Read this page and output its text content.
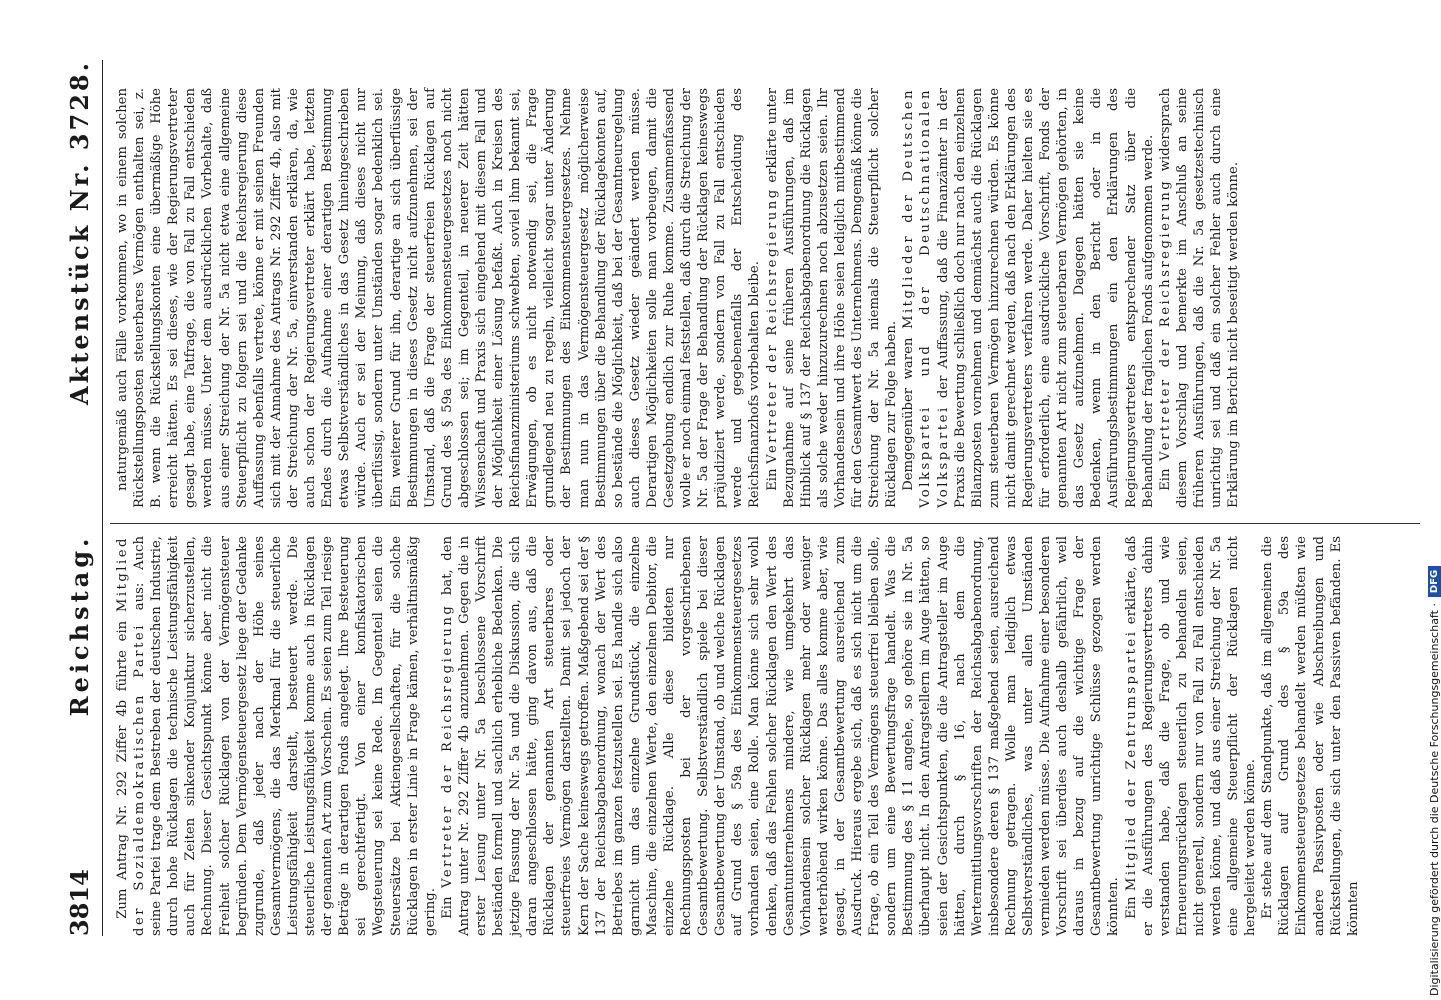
3814
Reichstag.
Aktenstück Nr. 3728.

Zum Antrag Nr. 292 Ziffer 4b führte ein Mitglied der Sozialdemokratischen Partei aus: Auch seine Partei trage dem Bestreben der deutschen Industrie, durch hohe Rücklagen die technische Leistungsfähigkeit auch für Zeiten sinkender Konjunktur sicherzustellen, Rechnung. Dieser Gesichtspunkt könne aber nicht die Freiheit solcher Rücklagen von der Vermögensteuer begründen. Dem Vermögensteuergesetz liege der Gedanke zugrunde, daß jeder nach der Höhe seines Gesamtvermögens, die das Merkmal für die steuerliche Leistungsfähigkeit darstellt, besteuert werde. Die steuerliche Leistungsfähigkeit komme auch in Rücklagen der genannten Art zum Vorschein. Es seien zum Teil riesige Beträge in derartigen Fonds angelegt. Ihre Besteuerung sei gerechtfertigt. Von einer konfiskatorischen Wegsteuerung sei keine Rede. Im Gegenteil seien die Steuersätze bei Aktiengesellschaften, für die solche Rücklagen in erster Linie in Frage kämen, verhältnismäßig gering. Ein Vertreter der Reichsregierung bat, den Antrag unter Nr. 292 Ziffer 4b anzunehmen. Gegen die in erster Lesung unter Nr. 5a beschlossene Vorschrift beständen formell und sachlich erhebliche Bedenken. Die jetzige Fassung der Nr. 5a und die Diskussion, die sich daran angeschlossen hätte, ging davon aus, daß die Rücklagen der genannten Art steuerbares oder steuerfreies Vermögen darstellten. Damit sei jedoch der Kern der Sache keineswegs getroffen. Maßgebend sei der § 137 der Reichsabgabenordnung, wonach der Wert des Betriebes im ganzen festzustellen sei. Es handle sich also garnicht um das einzelne Grundstück, die einzelne Maschine, die einzelnen Werte, den einzelnen Debitor, die einzelne Rücklage. Alle diese bildeten nur Rechnungsposten bei der vorgeschriebenen Gesamtbewertung. Selbstverständlich spiele bei dieser Gesamtbewertung der Umstand, ob und welche Rücklagen auf Grund des § 59a des Einkommensteuergesetzes vorhanden seien, eine Rolle. Man könne sich sehr wohl denken, daß das Fehlen solcher Rücklagen den Wert des Gesamtunternehmens mindere, wie umgekehrt das Vorhandensein solcher Rücklagen mehr oder weniger werterhöhend wirken könne. Das alles komme aber, wie gesagt, in der Gesamtbewertung ausreichend zum Ausdruck. Hieraus ergebe sich, daß es sich nicht um die Frage, ob ein Teil des Vermögens steuerfrei bleiben solle, sondern um eine Bewertungsfrage handelt. Was die Bestimmung des § 11 angehe, so gehöre sie in Nr. 5a überhaupt nicht. In den Antragstellern im Auge hätten, so seien der Gesichtspunkten, die die Antragsteller im Auge hätten, durch § 16, nach dem die Wertermittlungsvorschriften der Reichsabgabenordnung, insbesondere deren § 137 maßgebend seien, ausreichend Rechnung getragen. Wolle man lediglich etwas Selbstverständliches, was unter allen Umständen vermieden werden müsse. Die Aufnahme einer besonderen Vorschrift sei überdies auch deshalb gefährlich, weil daraus in bezug auf die wichtige Frage der Gesamtbewertung unrichtige Schlüsse gezogen werden könnten. Ein Mitglied der Zentrumspartei erklärte, daß er die Ausführungen des Regierungsvertreters dahin verstanden habe, daß die Frage, ob und wie Erneuerungsrücklagen steuerlich zu behandeln seien, nicht generell, sondern nur von Fall zu Fall entschieden werden könne, und daß aus einer Streichung der Nr. 5a eine allgemeine Steuerpflicht der Rücklagen nicht hergeleitet werden könne. Er stehe auf dem Standpunkte, daß im allgemeinen die Rücklagen auf Grund des § 59a des Einkommensteuergesetzes behandelt werden müßten wie andere Passivposten oder wie Abschreibungen und Rückstellungen, die sich unter den Passiven befänden. Es könnten

naturgemäß auch Fälle vorkommen, wo in einem solchen Rückstellungsposten steuerbares Vermögen enthalten sei, z. B. wenn die Rückstellungskonten eine übermäßige Höhe erreicht hätten. Es sei dieses, wie der Regierungsvertreter gesagt habe, eine Tatfrage, die von Fall zu Fall entschieden werden müsse. Unter dem ausdrücklichen Vorbehalte, daß aus einer Streichung der Nr. 5a nicht etwa eine allgemeine Steuerpflicht zu folgern sei und die Reichsregierung diese Auffassung ebenfalls vertrete, könne er mit seinen Freunden sich mit der Annahme des Antrags Nr. 292 Ziffer 4b, also mit der Streichung der Nr. 5a, einverstanden erklären, da, wie auch schon der Regierungsvertreter erklärt habe, letzten Endes durch die Aufnahme einer derartigen Bestimmung etwas Selbstverständliches in das Gesetz hineingeschrieben würde. Auch er sei der Meinung, daß dieses nicht nur überflüssig, sondern unter Umständen sogar bedenklich sei. Ein weiterer Grund für ihn, derartige an sich überflüssige Bestimmungen in dieses Gesetz nicht aufzunehmen, sei der Umstand, daß die Frage der steuerfreien Rücklagen auf Grund des § 59a des Einkommensteuergesetzes noch nicht abgeschlossen sei; im Gegenteil, in neuerer Zeit hätten Wissenschaft und Praxis sich eingehend mit diesem Fall und der Möglichkeit einer Lösung befaßt. Auch in Kreisen des Reichsfinanzministeriums schwebten, soviel ihm bekannt sei, Erwägungen, ob es nicht notwendig sei, die Frage grundlegend neu zu regeln, vielleicht sogar unter Änderung der Bestimmungen des Einkommensteuergesetzes. Nehme man nun in das Vermögensteuergesetz möglicherweise Bestimmungen über die Behandlung der Rücklagekonten auf, so bestände die Möglichkeit, daß bei der Gesamtneuregelung auch dieses Gesetz wieder geändert werden müsse. Derartigen Möglichkeiten solle man vorbeugen, damit die Gesetzgebung endlich zur Ruhe komme. Zusammenfassend wolle er noch einmal feststellen, daß durch die Streichung der Nr. 5a der Frage der Behandlung der Rücklagen keineswegs präjudiziert werde, sondern von Fall zu Fall entschieden werde und gegebenenfalls der Entscheidung des Reichsfinanzhofs vorbehalten bleibe. Ein Vertreter der Reichsregierung erklärte unter Bezugnahme auf seine früheren Ausführungen, daß im Hinblick auf § 137 der Reichsabgabenordnung die Rücklagen als solche weder hinzuzurechnen noch abzusetzen seien. Ihr Vorhandensein und ihre Höhe seien lediglich mitbestimmend für den Gesamtwert des Unternehmens. Demgemäß könne die Streichung der Nr. 5a niemals die Steuerpflicht solcher Rücklagen zur Folge haben. Demgegenüber waren Mitglieder der Deutschen Volkspartei und der Deutschnationalen Volkspartei der Auffassung, daß die Finanzämter in der Praxis die Bewertung schließlich doch nur nach den einzelnen Bilanzposten vornehmen und demnächst auch die Rücklagen zum steuerbaren Vermögen hinzurechnen würden. Es könne nicht damit gerechnet werden, daß nach den Erklärungen des Regierungsvertreters verfahren werde. Daher hielten sie es für erforderlich, eine ausdrückliche Vorschrift, Fonds der genannten Art nicht zum steuerbaren Vermögen gehörten, in das Gesetz aufzunehmen. Dagegen hätten sie keine Bedenken, wenn in den Bericht oder in die Ausführungsbestimmungen ein den Erklärungen des Regierungsvertreters entsprechender Satz über die Behandlung der fraglichen Fonds aufgenommen werde. Ein Vertreter der Reichsregierung widersprach diesem Vorschlag und bemerkte im Anschluß an seine früheren Ausführungen, daß die Nr. 5a gesetzestechnisch unrichtig sei und daß ein solcher Fehler auch durch eine Erklärung im Bericht nicht beseitigt werden könne.

Digitalisierung gefördert durch die Deutsche Forschungsgemeinschaft ·
DFG
